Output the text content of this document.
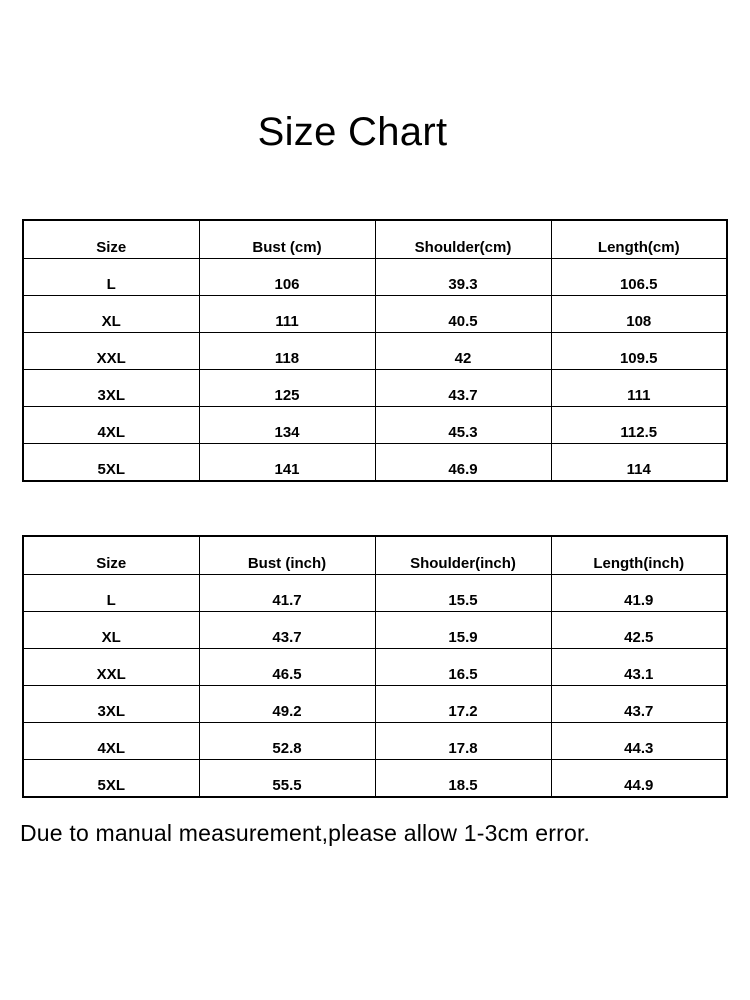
Size Chart
Size	Bust (cm)	Shoulder(cm)	Length(cm)
L	106	39.3	106.5
XL	111	40.5	108
XXL	118	42	109.5
3XL	125	43.7	111
4XL	134	45.3	112.5
5XL	141	46.9	114
Size	Bust (inch)	Shoulder(inch)	Length(inch)
L	41.7	15.5	41.9
XL	43.7	15.9	42.5
XXL	46.5	16.5	43.1
3XL	49.2	17.2	43.7
4XL	52.8	17.8	44.3
5XL	55.5	18.5	44.9
Due to manual measurement,please allow 1-3cm error.
